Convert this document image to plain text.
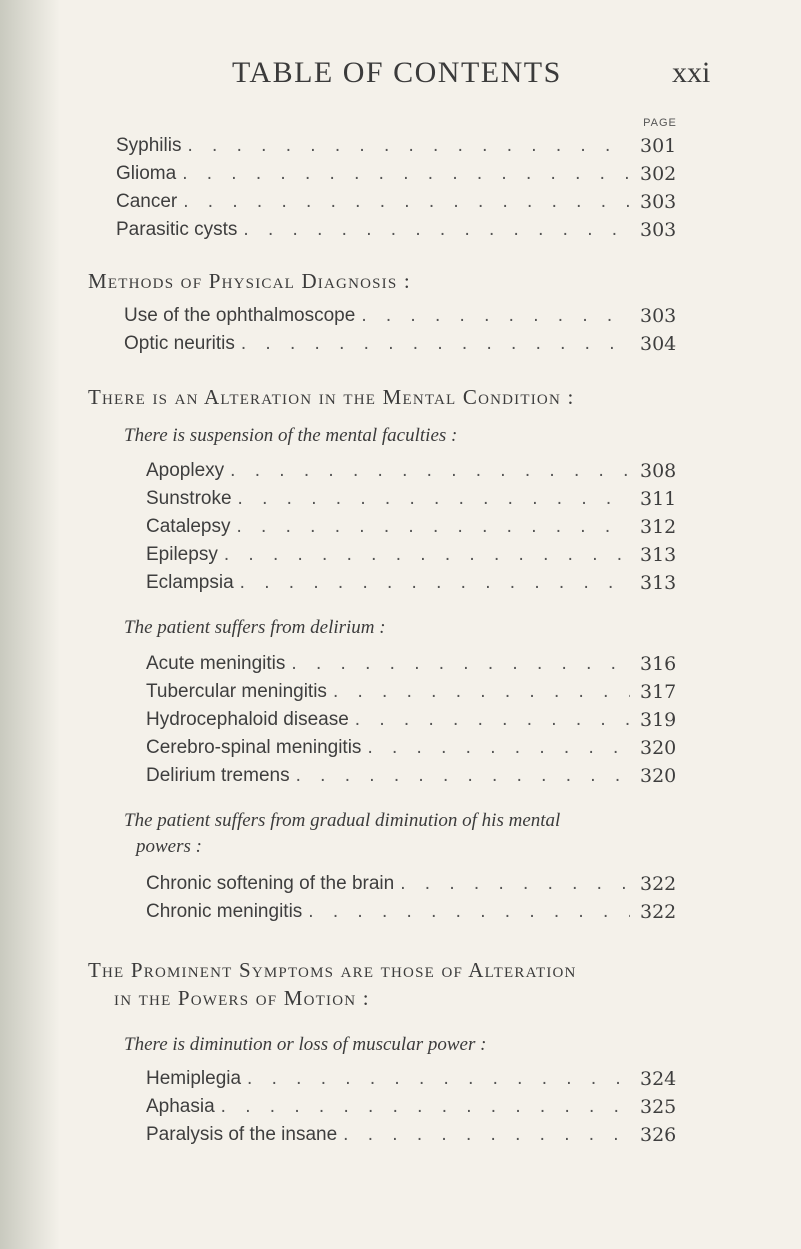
TABLE OF CONTENTS	xxi
PAGE
Syphilis . . .	301
Glioma . . .	302
Cancer . . .	303
Parasitic cysts . . .	303
Methods of Physical Diagnosis :
Use of the ophthalmoscope . . .	303
Optic neuritis . . .	304
There is an Alteration in the Mental Condition :
There is suspension of the mental faculties :
Apoplexy . . .	308
Sunstroke . . .	311
Catalepsy . . .	312
Epilepsy . . .	313
Eclampsia . . .	313
The patient suffers from delirium :
Acute meningitis . . .	316
Tubercular meningitis . . .	317
Hydrocephaloid disease . . .	319
Cerebro-spinal meningitis . . .	320
Delirium tremens . . .	320
The patient suffers from gradual diminution of his mental
powers :
Chronic softening of the brain . . .	322
Chronic meningitis . . .	322
The Prominent Symptoms are those of Alteration
in the Powers of Motion :
There is diminution or loss of muscular power :
Hemiplegia . . .	324
Aphasia . . .	325
Paralysis of the insane . . .	326
